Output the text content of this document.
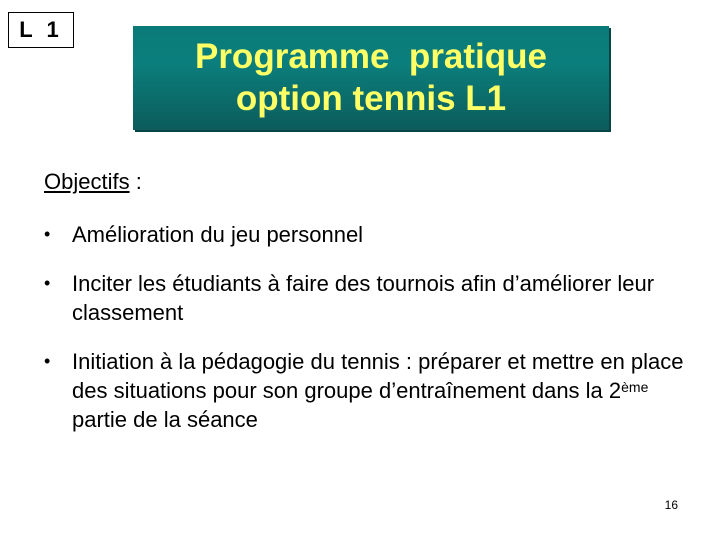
L 1
Programme  pratique
option tennis L1
Objectifs :
• Amélioration du jeu personnel
• Inciter les étudiants à faire des tournois afin d’améliorer leur classement
• Initiation à la pédagogie du tennis : préparer et mettre en place des situations pour son groupe d’entraînement dans la 2ème partie de la séance
16
